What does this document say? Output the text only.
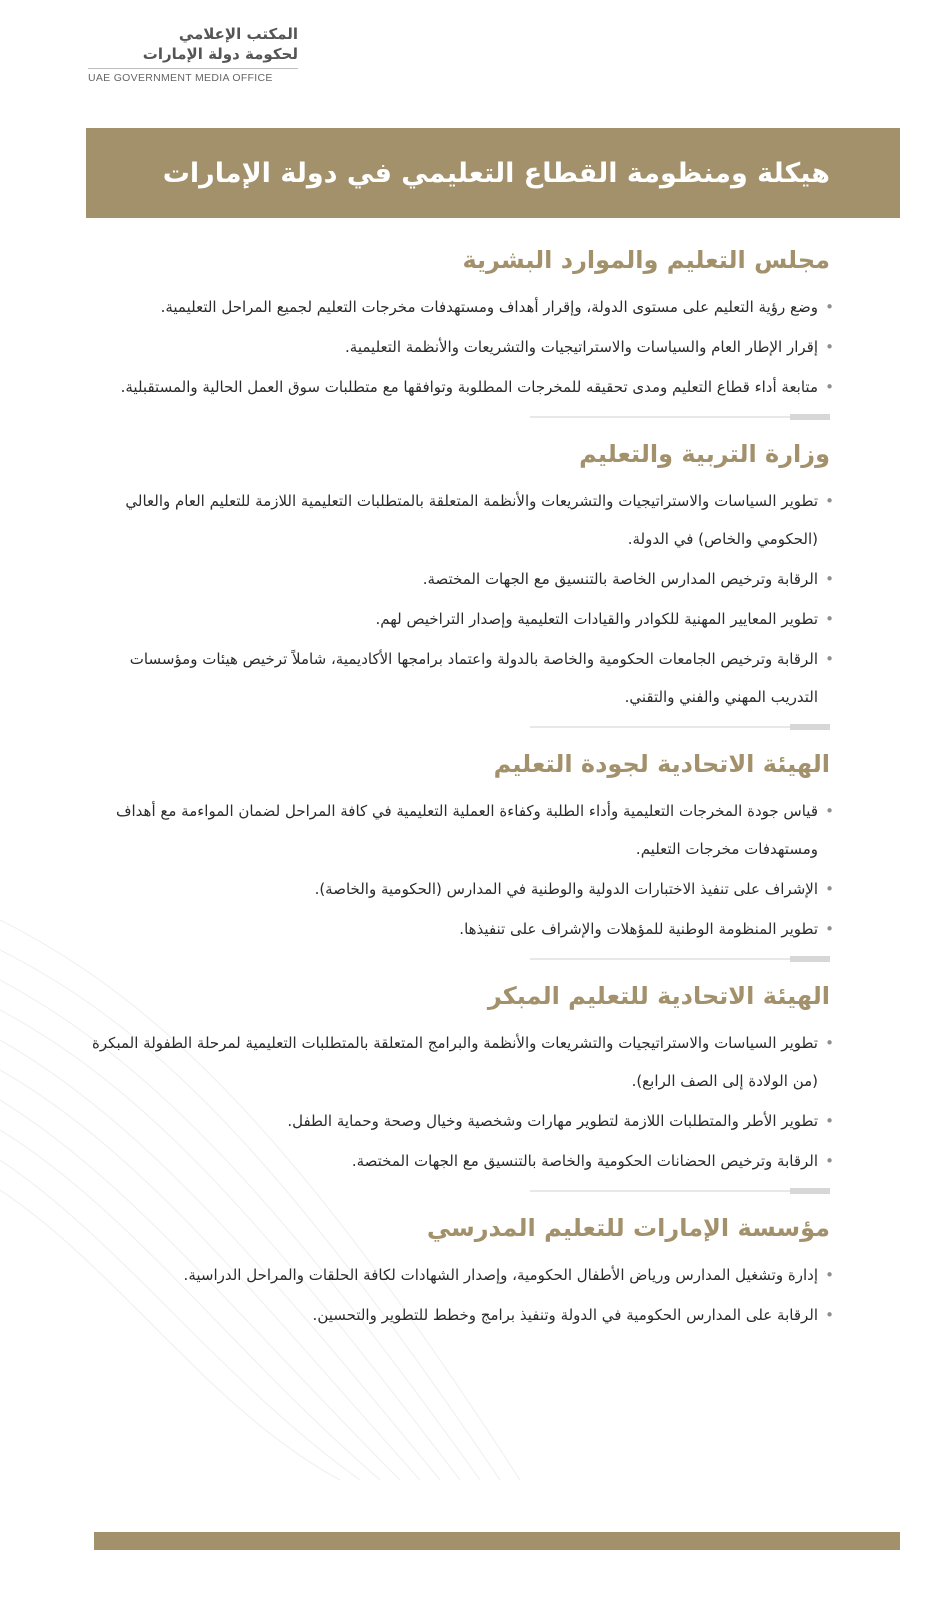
المكتب الإعلامي
لحكومة دولة الإمارات
UAE GOVERNMENT MEDIA OFFICE
هيكلة ومنظومة القطاع التعليمي في دولة الإمارات
مجلس التعليم والموارد البشرية
•
وضع رؤية التعليم على مستوى الدولة، وإقرار أهداف ومستهدفات مخرجات التعليم لجميع المراحل التعليمية.
•
إقرار الإطار العام والسياسات والاستراتيجيات والتشريعات والأنظمة التعليمية.
•
متابعة أداء قطاع التعليم ومدى تحقيقه للمخرجات المطلوبة وتوافقها مع متطلبات سوق العمل الحالية والمستقبلية.
وزارة التربية والتعليم
•
تطوير السياسات والاستراتيجيات والتشريعات والأنظمة المتعلقة بالمتطلبات التعليمية اللازمة للتعليم العام والعالي (الحكومي والخاص) في الدولة.
•
الرقابة وترخيص المدارس الخاصة بالتنسيق مع الجهات المختصة.
•
تطوير المعايير المهنية للكوادر والقيادات التعليمية وإصدار التراخيص لهم.
•
الرقابة وترخيص الجامعات الحكومية والخاصة بالدولة واعتماد برامجها الأكاديمية، شاملاً ترخيص هيئات ومؤسسات التدريب المهني والفني والتقني.
الهيئة الاتحادية لجودة التعليم
•
قياس جودة المخرجات التعليمية وأداء الطلبة وكفاءة العملية التعليمية في كافة المراحل لضمان المواءمة مع أهداف ومستهدفات مخرجات التعليم.
•
الإشراف على تنفيذ الاختبارات الدولية والوطنية في المدارس (الحكومية والخاصة).
•
تطوير المنظومة الوطنية للمؤهلات والإشراف على تنفيذها.
الهيئة الاتحادية للتعليم المبكر
•
تطوير السياسات والاستراتيجيات والتشريعات والأنظمة والبرامج المتعلقة بالمتطلبات التعليمية لمرحلة الطفولة المبكرة (من الولادة إلى الصف الرابع).
•
تطوير الأطر والمتطلبات اللازمة لتطوير مهارات وشخصية وخيال وصحة وحماية الطفل.
•
الرقابة وترخيص الحضانات الحكومية والخاصة بالتنسيق مع الجهات المختصة.
مؤسسة الإمارات للتعليم المدرسي
•
إدارة وتشغيل المدارس ورياض الأطفال الحكومية، وإصدار الشهادات لكافة الحلقات والمراحل الدراسية.
•
الرقابة على المدارس الحكومية في الدولة وتنفيذ برامج وخطط للتطوير والتحسين.
